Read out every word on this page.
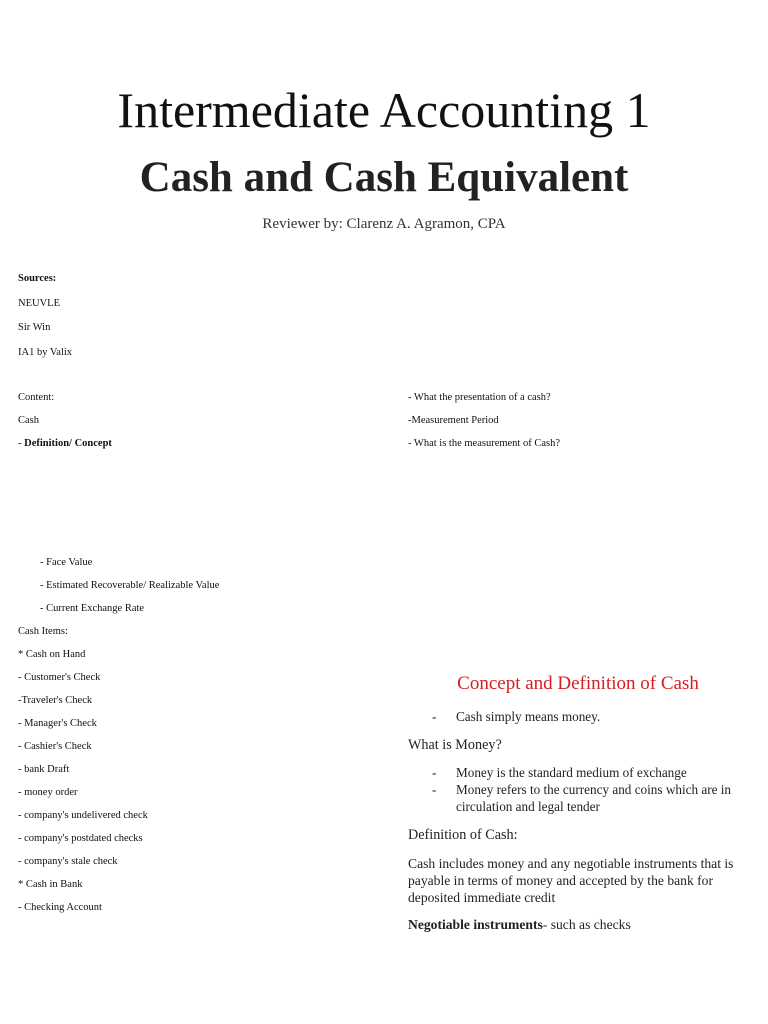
Intermediate Accounting 1
Cash and Cash Equivalent
Reviewer by: Clarenz A. Agramon, CPA
Sources:
NEUVLE
Sir Win
IA1 by Valix
Content:
Cash
- Definition/ Concept
- What the presentation of a cash?
-Measurement Period
- What is the measurement of Cash?
- Face Value
- Estimated Recoverable/ Realizable Value
- Current Exchange Rate
Cash Items:
* Cash on Hand
- Customer's Check
-Traveler's Check
- Manager's Check
- Cashier's Check
- bank Draft
- money order
- company's undelivered check
- company's postdated checks
- company's stale check
* Cash in Bank
- Checking Account
Concept and Definition of Cash
-	Cash simply means money.
What is Money?
-	Money is the standard medium of exchange
-	Money refers to the currency and coins which are in circulation and legal tender
Definition of Cash:
Cash includes money and any negotiable instruments that is payable in terms of money and accepted by the bank for deposited immediate credit
Negotiable instruments- such as checks
